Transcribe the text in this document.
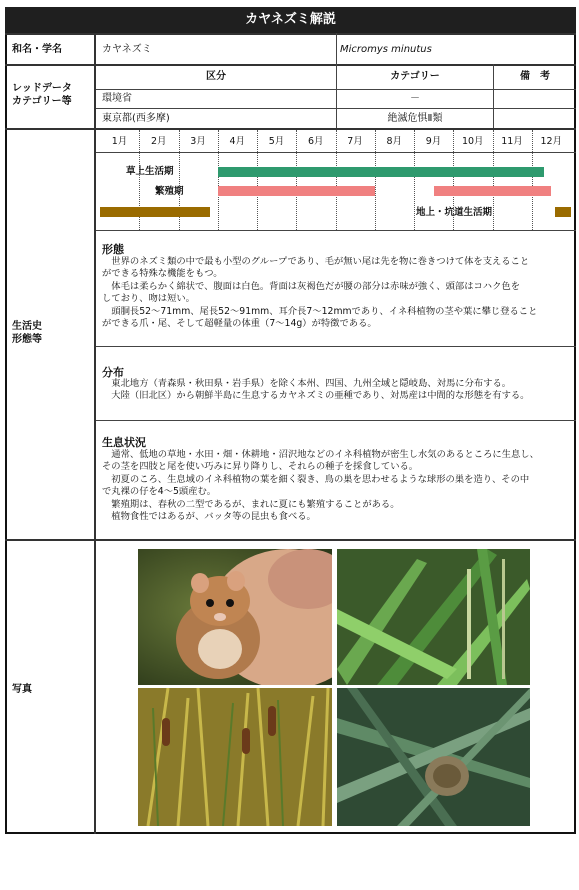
カヤネズミ解説
和名・学名	カヤネズミ	Micromys minutus
レッドデータ
カテゴリー等
区分	カテゴリー	備　考
環境省	－
東京都(西多摩)	絶滅危惧Ⅱ類
生活史
形態等
1月	2月	3月	4月	5月	6月	7月	8月	9月	10月	11月	12月
草上生活期
繁殖期
地上・坑道生活期
形態
　世界のネズミ類の中で最も小型のグループであり、毛が無い尾は先を物に巻きつけて体を支えること
ができる特殊な機能をもつ。
　体毛は柔らかく綿状で、腹面は白色。背面は灰褐色だが腰の部分は赤味が強く、頭部はコハク色を
しており、吻は短い。
　頭胴長52～71mm、尾長52～91mm、耳介長7～12mmであり、イネ科植物の茎や葉に攀じ登ること
ができる爪・尾、そして超軽量の体重（7～14g）が特徴である。
分布
　東北地方（青森県・秋田県・岩手県）を除く本州、四国、九州全域と隠岐島、対馬に分布する。
　大陸（旧北区）から朝鮮半島に生息するカヤネズミの亜種であり、対馬産は中間的な形態を有する。
生息状況
　通常、低地の草地・水田・畑・休耕地・沼沢地などのイネ科植物が密生し水気のあるところに生息し、
その茎を四肢と尾を使い巧みに昇り降りし、それらの種子を採食している。
　初夏のころ、生息域のイネ科植物の葉を細く裂き、鳥の巣を思わせるような球形の巣を造り、その中
で丸裸の仔を4～5頭産む。
　繁殖期は、春秋の二型であるが、まれに夏にも繁殖することがある。
　植物食性ではあるが、バッタ等の昆虫も食べる。
写真
